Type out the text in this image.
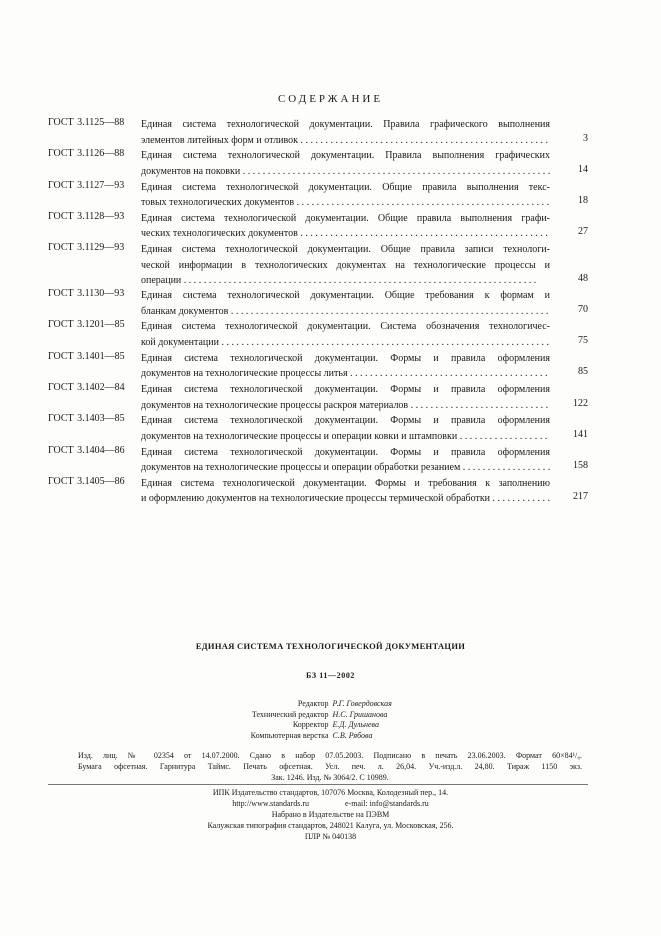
СОДЕРЖАНИЕ
ГОСТ 3.1125—88 Единая система технологической документации. Правила графического выполнения
элементов литейных форм и отливок . . .	3
ГОСТ 3.1126—88 Единая система технологической документации. Правила выполнения графических
документов на поковки . . .	14
ГОСТ 3.1127—93 Единая система технологической документации. Общие правила выполнения текс-
товых технологических документов . . .	18
ГОСТ 3.1128—93 Единая система технологической документации. Общие правила выполнения графи-
ческих технологических документов . . .	27
ГОСТ 3.1129—93 Единая система технологической документации. Общие правила записи технологи-
ческой информации в технологических документах на технологические процессы и
операции . . .	48
ГОСТ 3.1130—93 Единая система технологической документации. Общие требования к формам и
бланкам документов . . .	70
ГОСТ 3.1201—85 Единая система технологической документации. Система обозначения технологичес-
кой документации . . .	75
ГОСТ 3.1401—85 Единая система технологической документации. Формы и правила оформления
документов на технологические процессы литья . . .	85
ГОСТ 3.1402—84 Единая система технологической документации. Формы и правила оформления
документов на технологические процессы раскроя материалов . . .	122
ГОСТ 3.1403—85 Единая система технологической документации. Формы и правила оформления
документов на технологические процессы и операции ковки и штамповки . . .	141
ГОСТ 3.1404—86 Единая система технологической документации. Формы и правила оформления
документов на технологические процессы и операции обработки резанием . . .	158
ГОСТ 3.1405—86 Единая система технологической документации. Формы и требования к заполнению
и оформлению документов на технологические процессы термической обработки . . .	217
ЕДИНАЯ СИСТЕМА ТЕХНОЛОГИЧЕСКОЙ ДОКУМЕНТАЦИИ
БЗ 11—2002
Редактор Р.Г. Говердовская
Технический редактор Н.С. Гришанова
Корректор Е.Д. Дульнева
Компьютерная верстка С.В. Рябова
Изд. лиц. № 02354 от 14.07.2000. Сдано в набор 07.05.2003. Подписано в печать 23.06.2003. Формат 60×84¹/₈.
Бумага офсетная. Гарнитура Таймс. Печать офсетная. Усл. печ. л. 26,04. Уч.-изд.л. 24,80. Тираж 1150 экз.
Зак. 1246. Изд. № 3064/2. С 10989.
ИПК Издательство стандартов, 107076 Москва, Колодезный пер., 14.
http://www.standards.ru	e-mail: info@standards.ru
Набрано в Издательстве на ПЭВМ
Калужская типография стандартов, 248021 Калуга, ул. Московская, 256.
ПЛР № 040138
